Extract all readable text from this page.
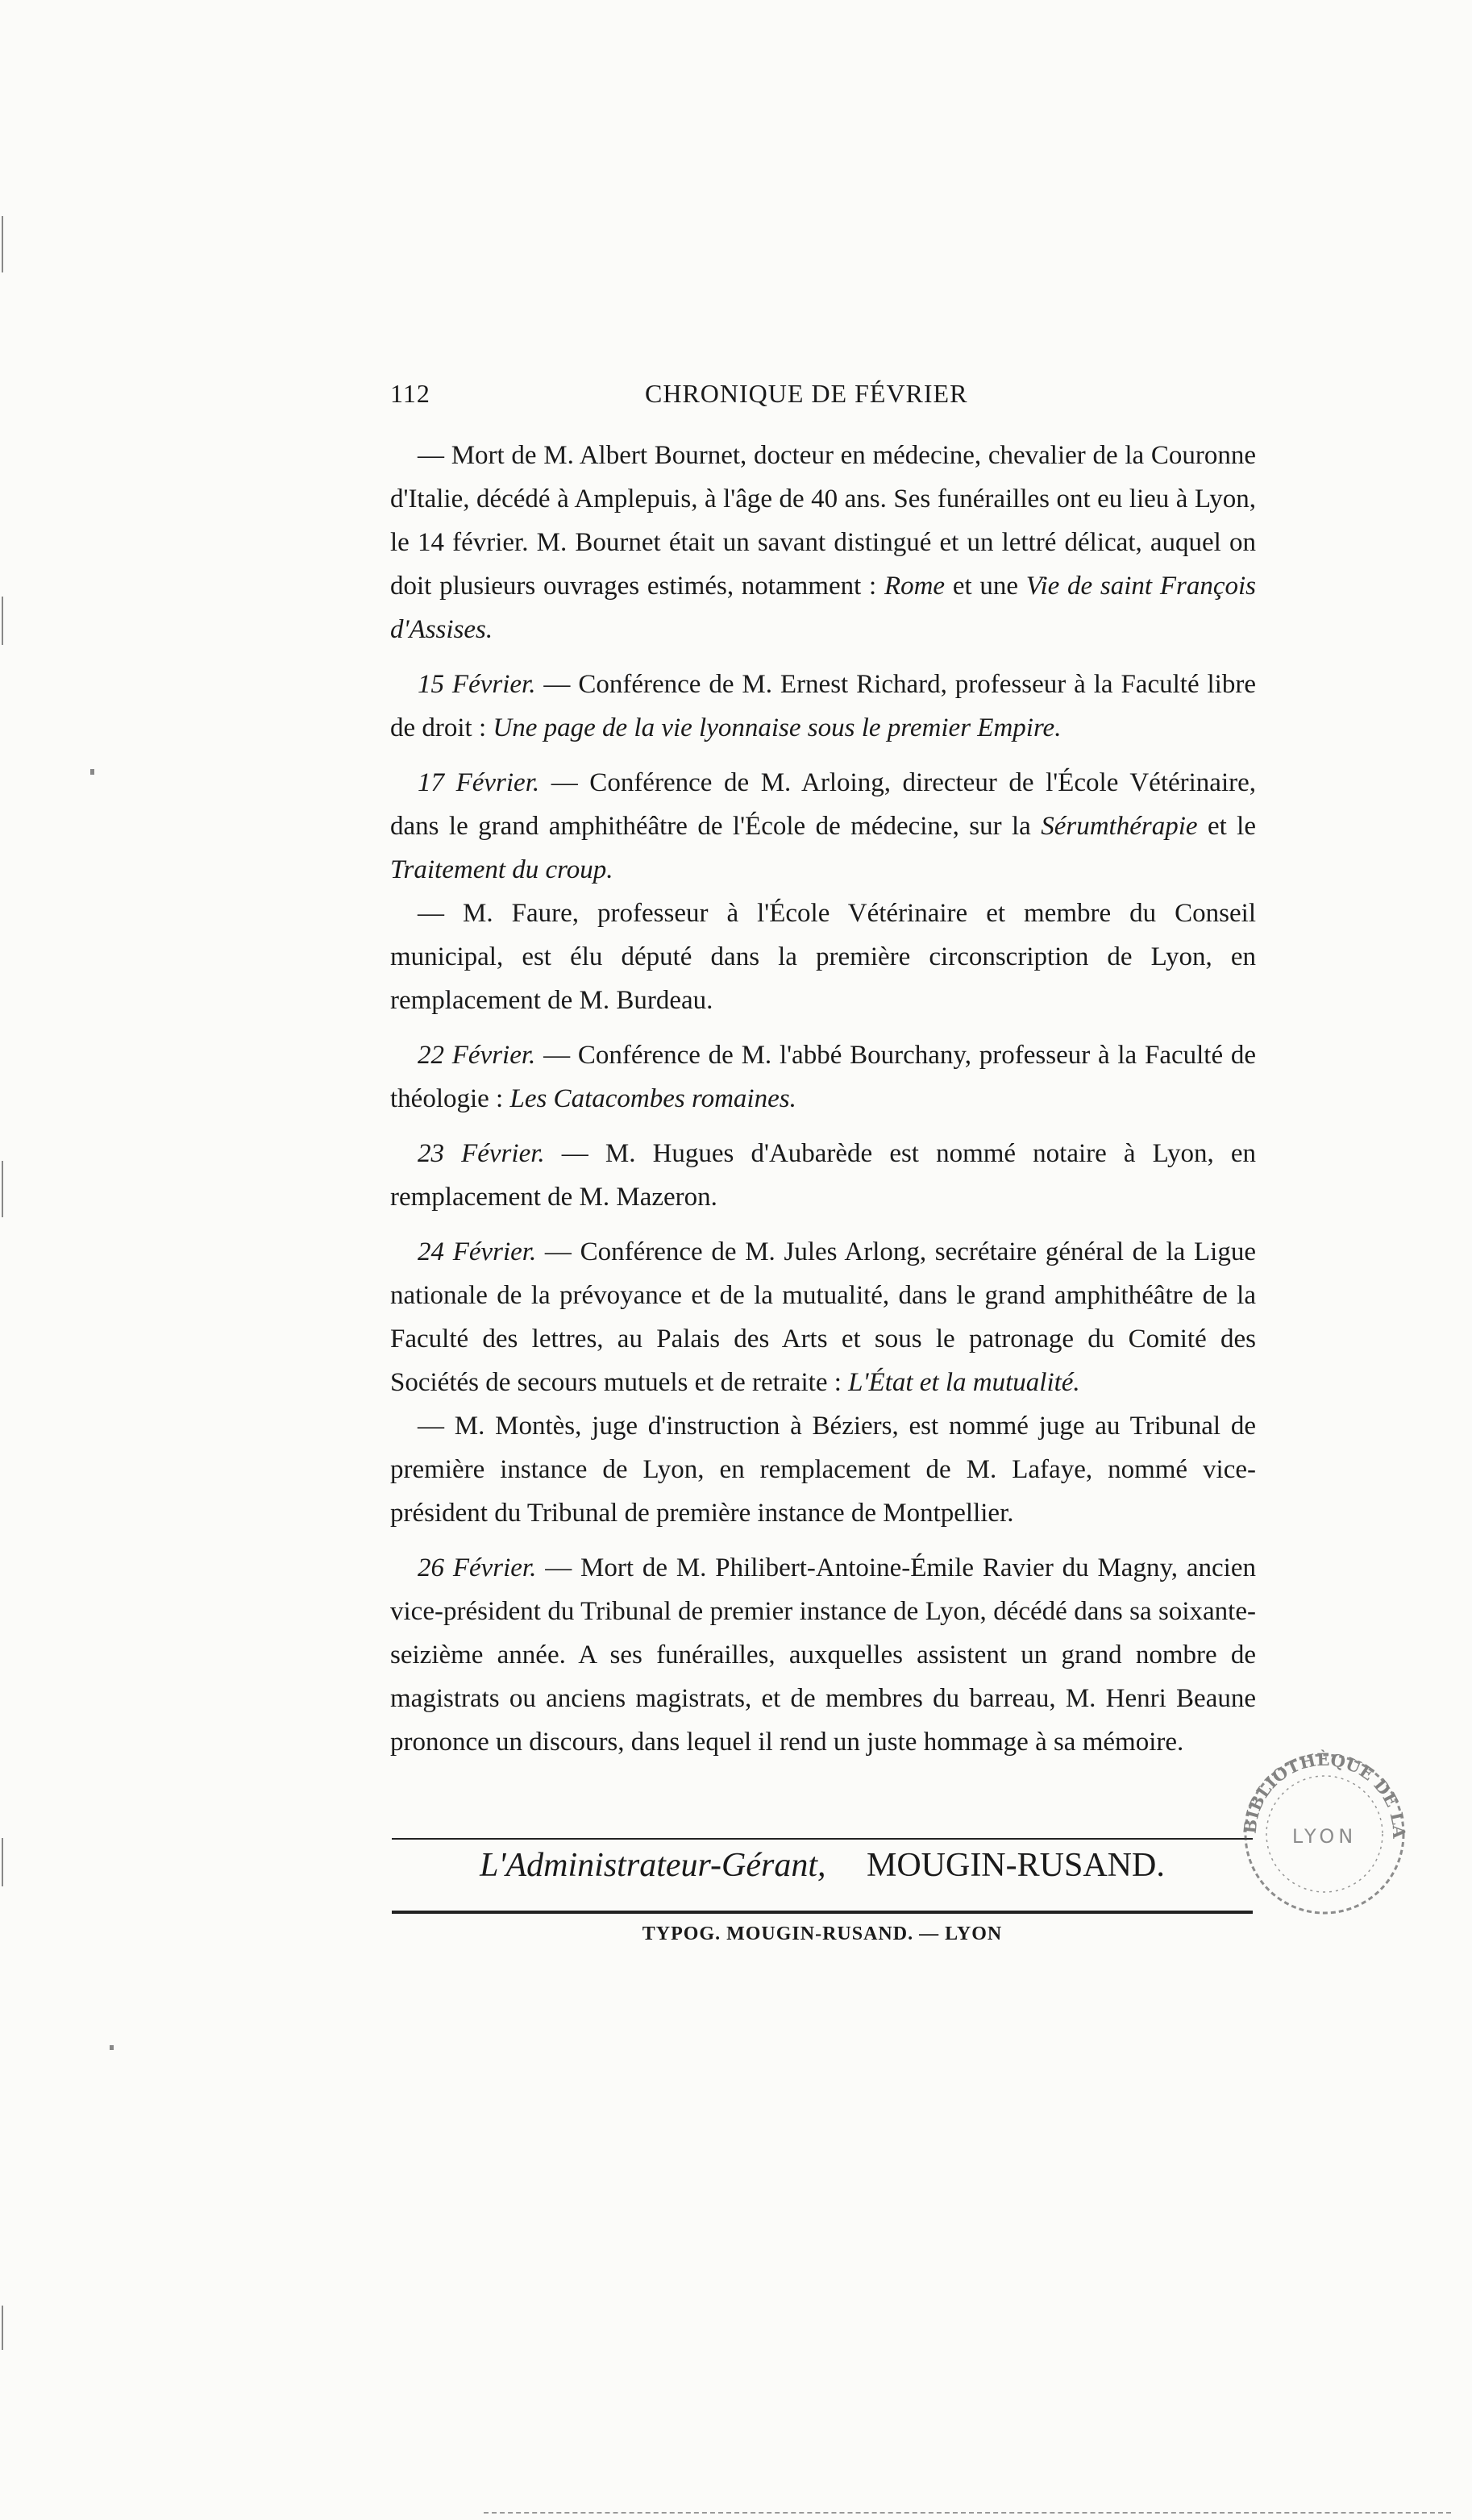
112	CHRONIQUE DE FÉVRIER

— Mort de M. Albert Bournet, docteur en médecine, chevalier de la Couronne d'Italie, décédé à Amplepuis, à l'âge de 40 ans. Ses funérailles ont eu lieu à Lyon, le 14 février. M. Bournet était un savant distingué et un lettré délicat, auquel on doit plusieurs ouvrages estimés, notamment : Rome et une Vie de saint François d'Assises.

15 Février. — Conférence de M. Ernest Richard, professeur à la Faculté libre de droit : Une page de la vie lyonnaise sous le premier Empire.

17 Février. — Conférence de M. Arloing, directeur de l'École Vétérinaire, dans le grand amphithéâtre de l'École de médecine, sur la Sérumthérapie et le Traitement du croup.

— M. Faure, professeur à l'École Vétérinaire et membre du Conseil municipal, est élu député dans la première circonscription de Lyon, en remplacement de M. Burdeau.

22 Février. — Conférence de M. l'abbé Bourchany, professeur à la Faculté de théologie : Les Catacombes romaines.

23 Février. — M. Hugues d'Aubarède est nommé notaire à Lyon, en remplacement de M. Mazeron.

24 Février. — Conférence de M. Jules Arlong, secrétaire général de la Ligue nationale de la prévoyance et de la mutualité, dans le grand amphithéâtre de la Faculté des lettres, au Palais des Arts et sous le patronage du Comité des Sociétés de secours mutuels et de retraite : L'État et la mutualité.

— M. Montès, juge d'instruction à Béziers, est nommé juge au Tribunal de première instance de Lyon, en remplacement de M. Lafaye, nommé vice-président du Tribunal de première instance de Montpellier.

26 Février. — Mort de M. Philibert-Antoine-Émile Ravier du Magny, ancien vice-président du Tribunal de premier instance de Lyon, décédé dans sa soixante-seizième année. A ses funérailles, auxquelles assistent un grand nombre de magistrats ou anciens magistrats, et de membres du barreau, M. Henri Beaune prononce un discours, dans lequel il rend un juste hommage à sa mémoire.

L'Administrateur-Gérant, MOUGIN-RUSAND.
TYPOG. MOUGIN-RUSAND. — LYON
BIBLIOTHÈQUE DE LA
LYON
